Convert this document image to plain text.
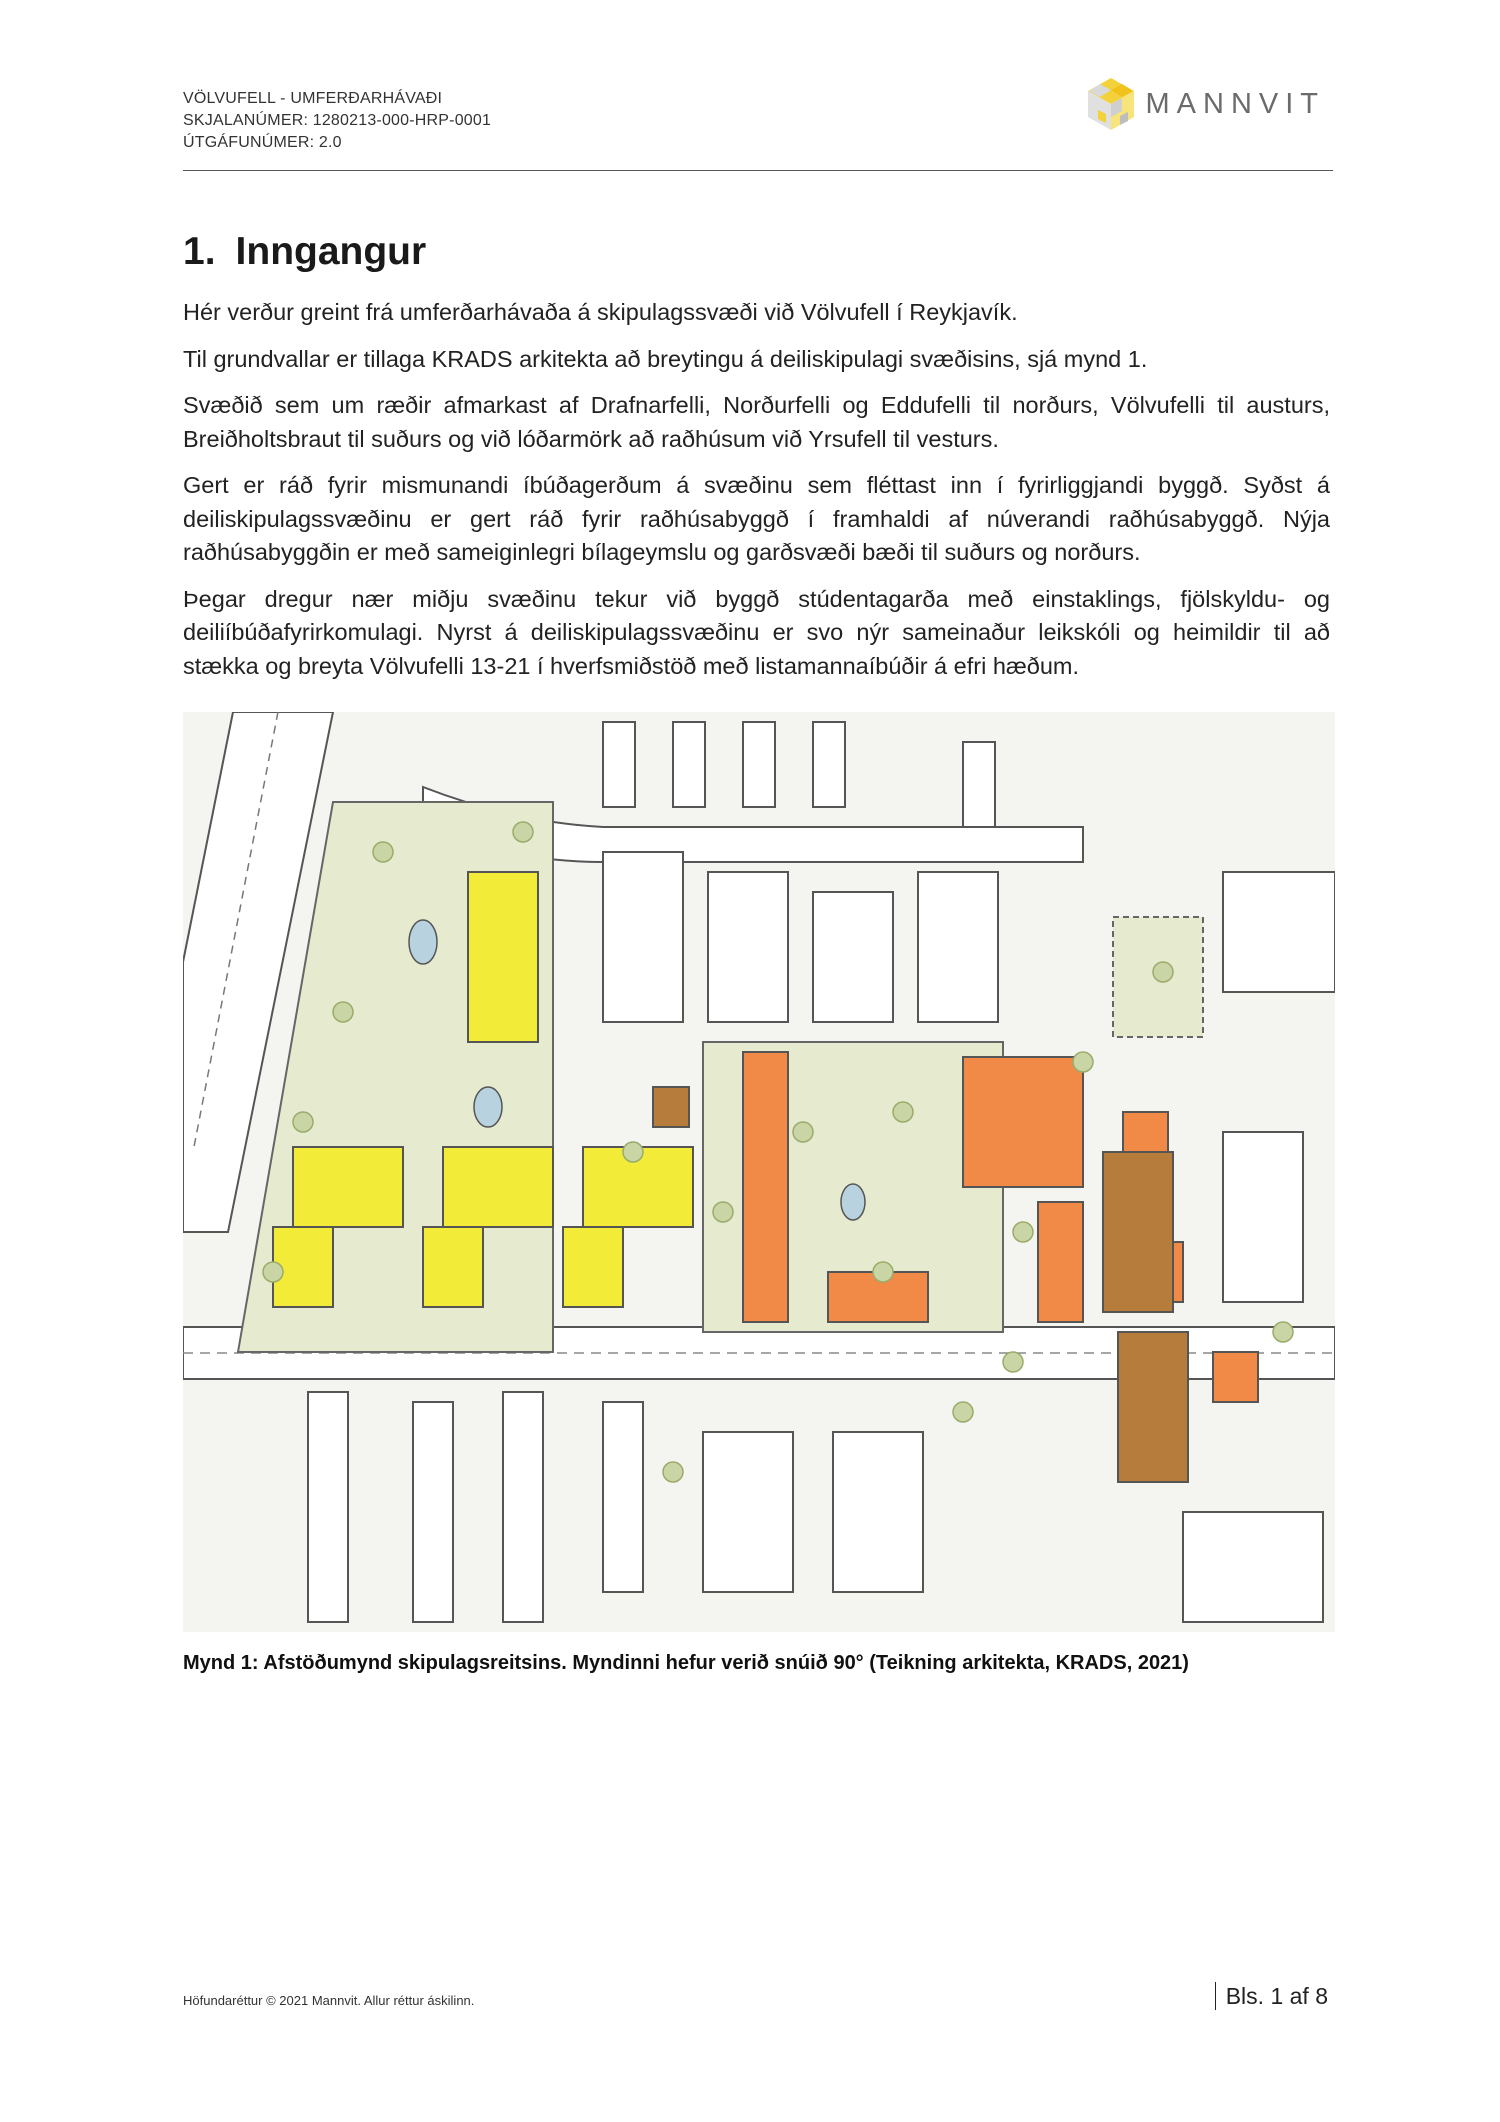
VÖLVUFELL - UMFERÐARHÁVAÐI
SKJALANÚMER: 1280213-000-HRP-0001
ÚTGÁFUNÚMER: 2.0
MANNVIT
1. Inngangur

Hér verður greint frá umferðarhávaða á skipulagssvæði við Völvufell í Reykjavík.

Til grundvallar er tillaga KRADS arkitekta að breytingu á deiliskipulagi svæðisins, sjá mynd 1.

Svæðið sem um ræðir afmarkast af Drafnarfelli, Norðurfelli og Eddufelli til norðurs, Völvufelli til austurs, Breiðholtsbraut til suðurs og við lóðarmörk að raðhúsum við Yrsufell til vesturs.

Gert er ráð fyrir mismunandi íbúðagerðum á svæðinu sem fléttast inn í fyrirliggjandi byggð. Syðst á deiliskipulagssvæðinu er gert ráð fyrir raðhúsabyggð í framhaldi af núverandi raðhúsabyggð. Nýja raðhúsabyggðin er með sameiginlegri bílageymslu og garðsvæði bæði til suðurs og norðurs.

Þegar dregur nær miðju svæðinu tekur við byggð stúdentagarða með einstaklings, fjölskyldu- og deiliíbúðafyrirkomulagi. Nyrst á deiliskipulagssvæðinu er svo nýr sameinaður leikskóli og heimildir til að stækka og breyta Völvufelli 13-21 í hverfsmiðstöð með listamannaíbúðir á efri hæðum.

Mynd 1: Afstöðumynd skipulagsreitsins. Myndinni hefur verið snúið 90° (Teikning arkitekta, KRADS, 2021)
Höfundaréttur © 2021 Mannvit. Allur réttur áskilinn.	Bls. 1 af 8
